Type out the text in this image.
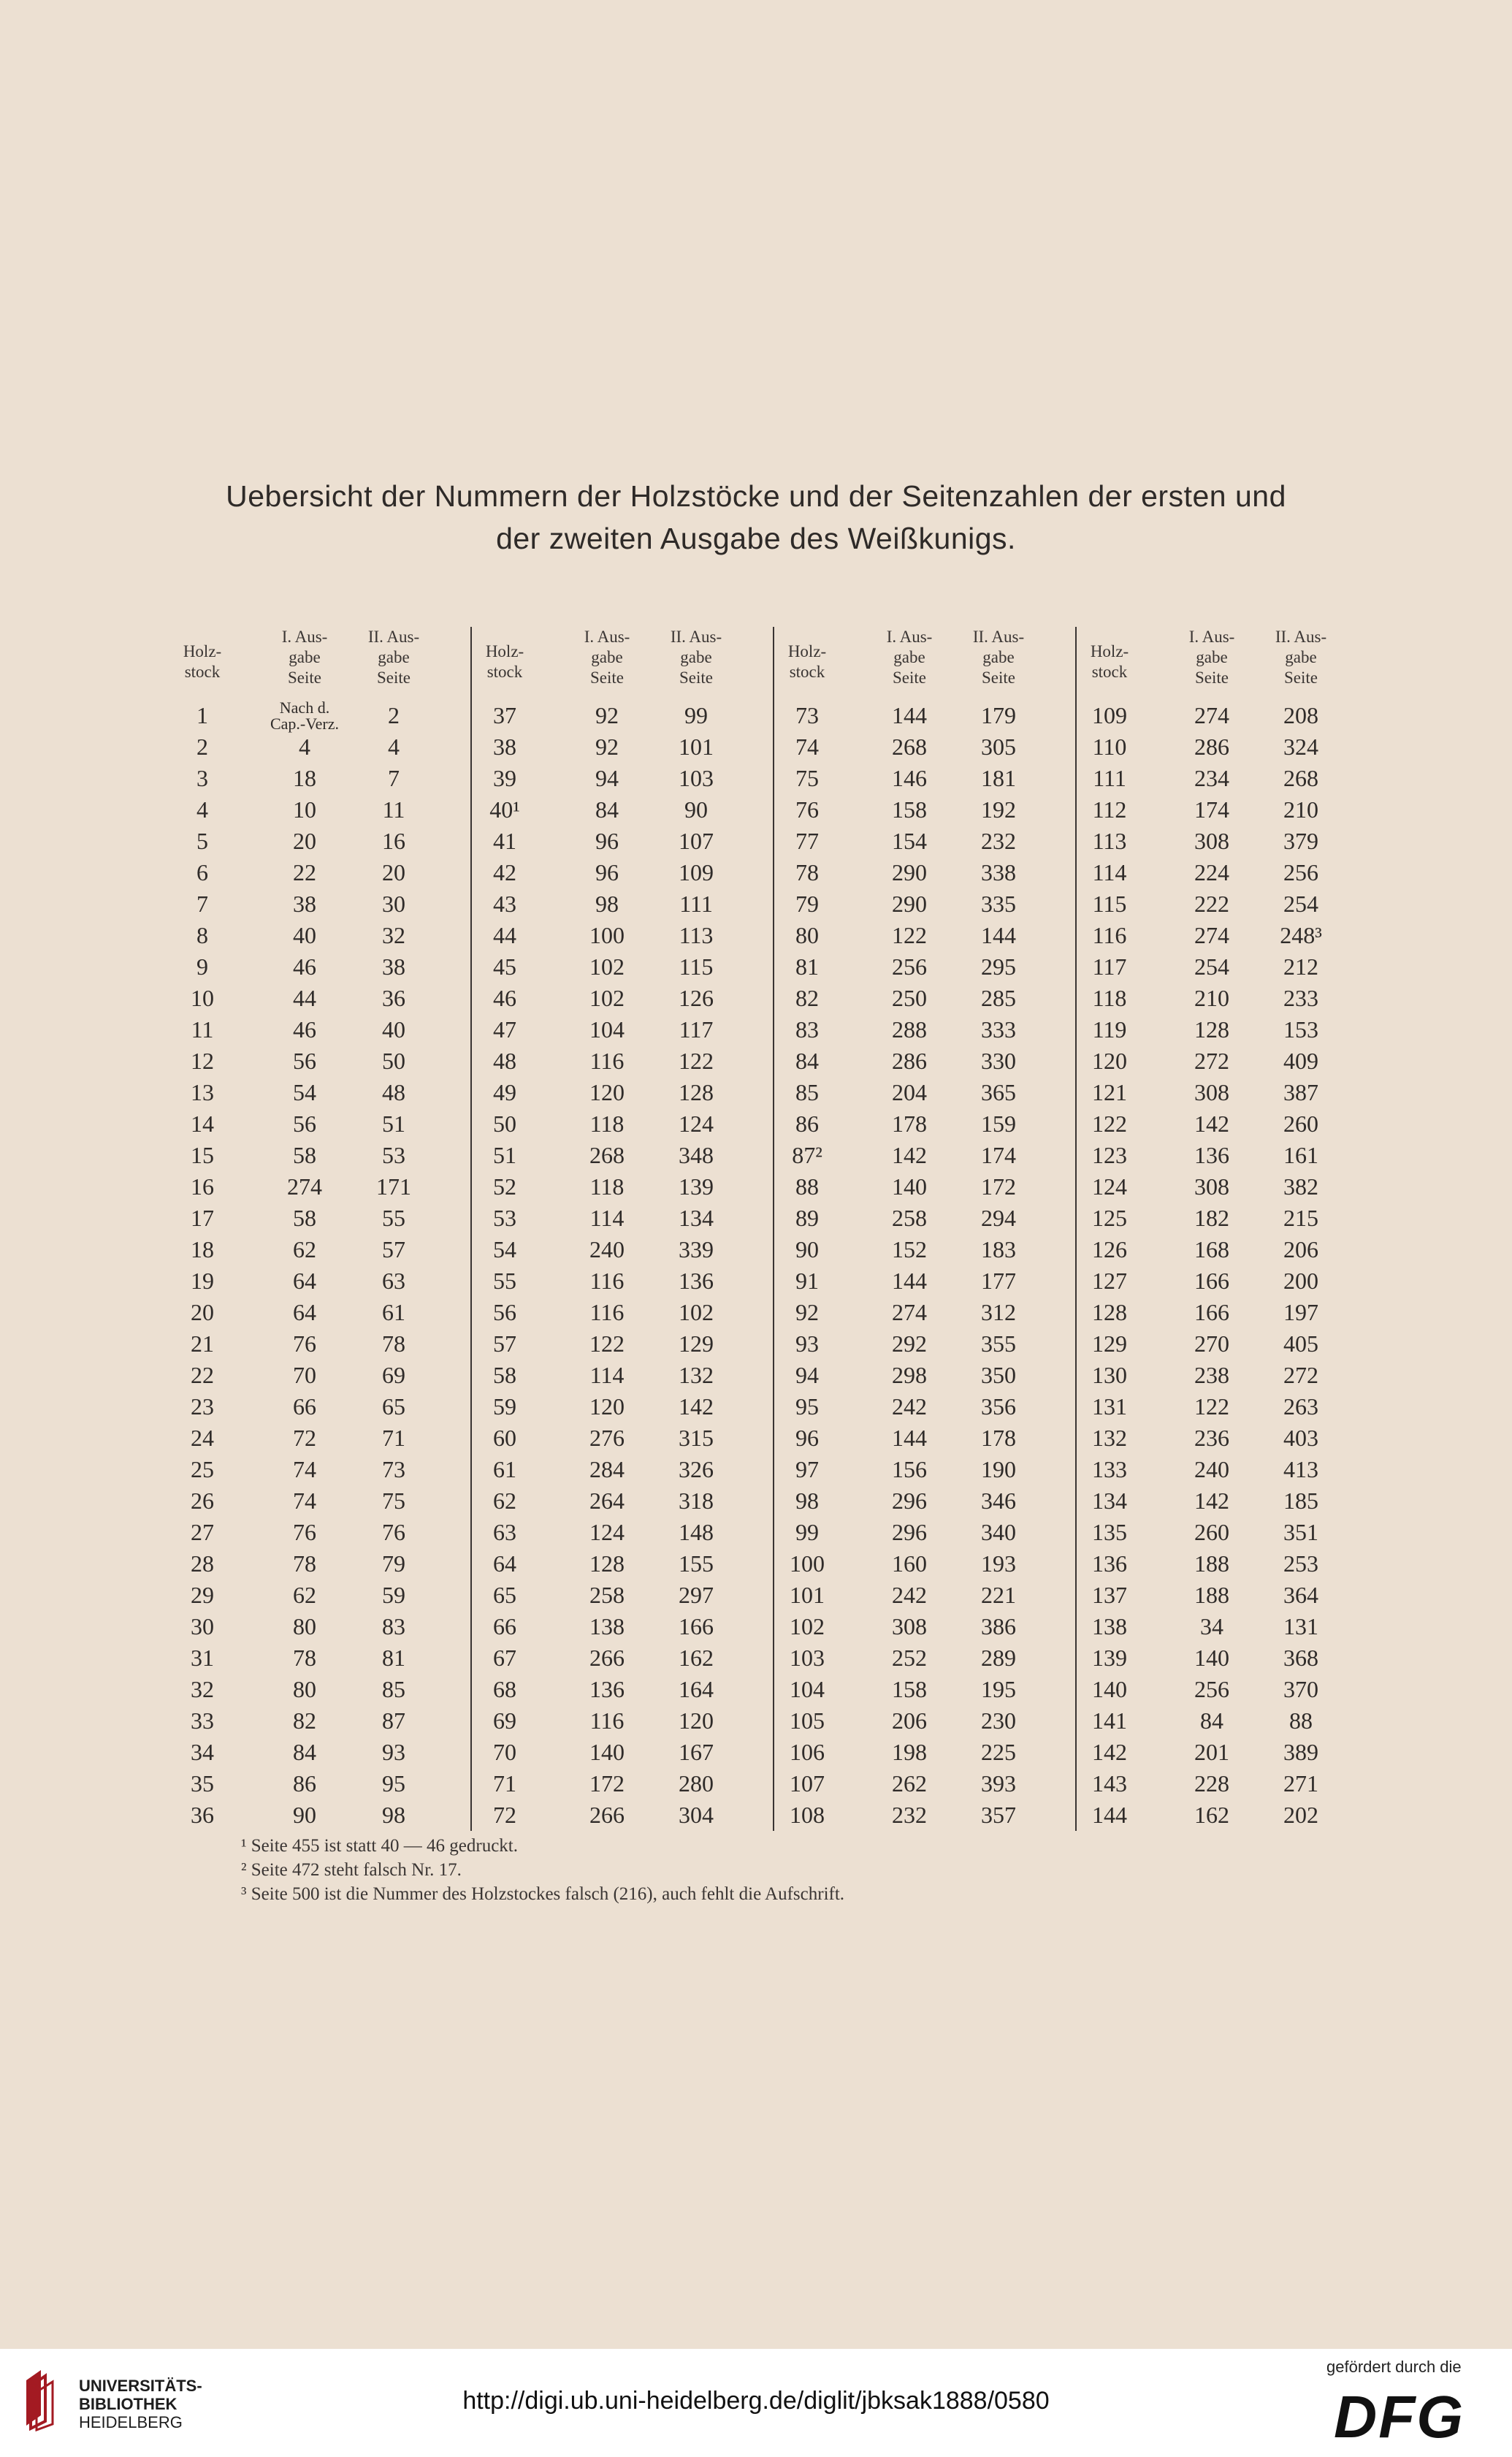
Uebersicht der Nummern der Holzstöcke und der Seitenzahlen der ersten und
der zweiten Ausgabe des Weißkunigs.
Holz-
stock
I. Aus-
gabe
Seite
II. Aus-
gabe
Seite
1	Nach d. Cap.-Verz.	2
2	4	4
3	18	7
4	10	11
5	20	16
6	22	20
7	38	30
8	40	32
9	46	38
10	44	36
11	46	40
12	56	50
13	54	48
14	56	51
15	58	53
16	274	171
17	58	55
18	62	57
19	64	63
20	64	61
21	76	78
22	70	69
23	66	65
24	72	71
25	74	73
26	74	75
27	76	76
28	78	79
29	62	59
30	80	83
31	78	81
32	80	85
33	82	87
34	84	93
35	86	95
36	90	98
Holz-
stock
I. Aus-
gabe
Seite
II. Aus-
gabe
Seite
37	92	99
38	92	101
39	94	103
40¹	84	90
41	96	107
42	96	109
43	98	111
44	100	113
45	102	115
46	102	126
47	104	117
48	116	122
49	120	128
50	118	124
51	268	348
52	118	139
53	114	134
54	240	339
55	116	136
56	116	102
57	122	129
58	114	132
59	120	142
60	276	315
61	284	326
62	264	318
63	124	148
64	128	155
65	258	297
66	138	166
67	266	162
68	136	164
69	116	120
70	140	167
71	172	280
72	266	304
Holz-
stock
I. Aus-
gabe
Seite
II. Aus-
gabe
Seite
73	144	179
74	268	305
75	146	181
76	158	192
77	154	232
78	290	338
79	290	335
80	122	144
81	256	295
82	250	285
83	288	333
84	286	330
85	204	365
86	178	159
87²	142	174
88	140	172
89	258	294
90	152	183
91	144	177
92	274	312
93	292	355
94	298	350
95	242	356
96	144	178
97	156	190
98	296	346
99	296	340
100	160	193
101	242	221
102	308	386
103	252	289
104	158	195
105	206	230
106	198	225
107	262	393
108	232	357
Holz-
stock
I. Aus-
gabe
Seite
II. Aus-
gabe
Seite
109	274	208
110	286	324
111	234	268
112	174	210
113	308	379
114	224	256
115	222	254
116	274	248³
117	254	212
118	210	233
119	128	153
120	272	409
121	308	387
122	142	260
123	136	161
124	308	382
125	182	215
126	168	206
127	166	200
128	166	197
129	270	405
130	238	272
131	122	263
132	236	403
133	240	413
134	142	185
135	260	351
136	188	253
137	188	364
138	34	131
139	140	368
140	256	370
141	84	88
142	201	389
143	228	271
144	162	202
¹ Seite 455 ist statt 40 — 46 gedruckt.
² Seite 472 steht falsch Nr. 17.
³ Seite 500 ist die Nummer des Holzstockes falsch (216), auch fehlt die Aufschrift.
UNIVERSITÄTS-
BIBLIOTHEK
HEIDELBERG
http://digi.ub.uni-heidelberg.de/diglit/jbksak1888/0580
gefördert durch die
DFG
